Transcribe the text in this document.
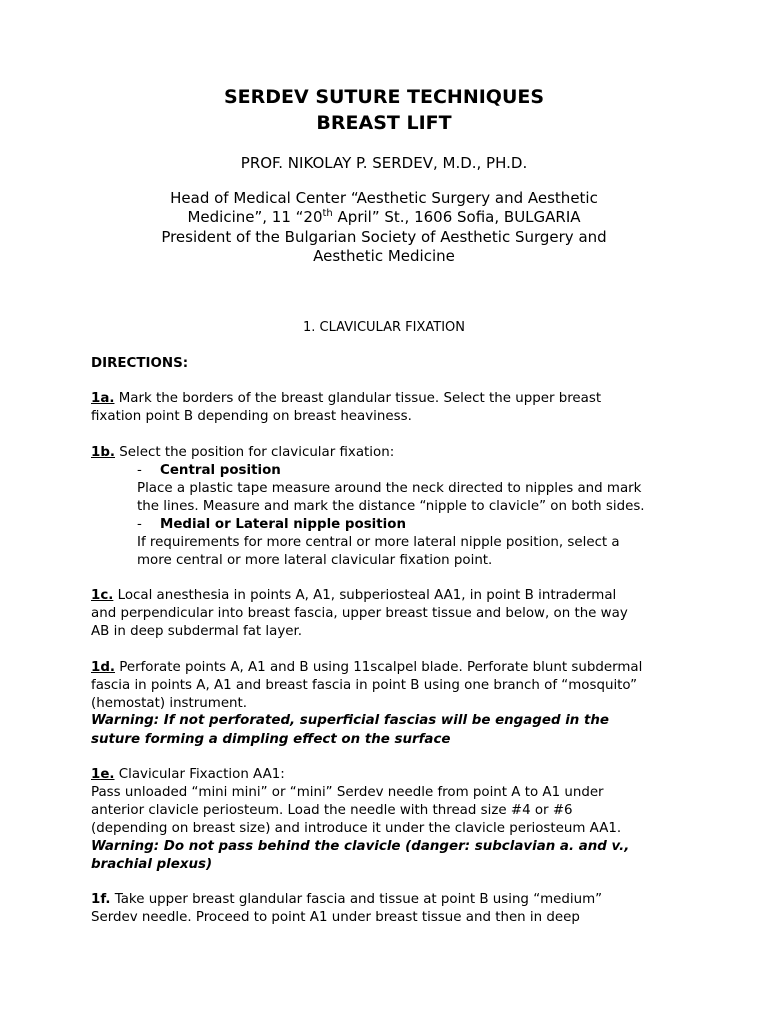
SERDEV SUTURE TECHNIQUES
BREAST LIFT
PROF. NIKOLAY P. SERDEV, M.D., PH.D.
Head of Medical Center “Aesthetic Surgery and Aesthetic
Medicine”, 11 “20th April” St., 1606 Sofia, BULGARIA
President of the Bulgarian Society of Aesthetic Surgery and
Aesthetic Medicine
1. CLAVICULAR FIXATION
DIRECTIONS:
1a. Mark the borders of the breast glandular tissue. Select the upper breast
fixation point B depending on breast heaviness.
1b. Select the position for clavicular fixation:
- Central position
Place a plastic tape measure around the neck directed to nipples and mark
the lines. Measure and mark the distance “nipple to clavicle” on both sides.
- Medial or Lateral nipple position
If requirements for more central or more lateral nipple position, select a
more central or more lateral clavicular fixation point.
1c. Local anesthesia in points A, A1, subperiosteal AA1, in point B intradermal
and perpendicular into breast fascia, upper breast tissue and below, on the way
AB in deep subdermal fat layer.
1d. Perforate points A, A1 and B using 11scalpel blade. Perforate blunt subdermal
fascia in points A, A1 and breast fascia in point B using one branch of “mosquito”
(hemostat) instrument.
Warning: If not perforated, superficial fascias will be engaged in the
suture forming a dimpling effect on the surface
1e. Clavicular Fixaction AA1:
Pass unloaded “mini mini” or “mini” Serdev needle from point A to A1 under
anterior clavicle periosteum. Load the needle with thread size #4 or #6
(depending on breast size) and introduce it under the clavicle periosteum AA1.
Warning: Do not pass behind the clavicle (danger: subclavian a. and v.,
brachial plexus)
1f. Take upper breast glandular fascia and tissue at point B using “medium”
Serdev needle. Proceed to point A1 under breast tissue and then in deep
